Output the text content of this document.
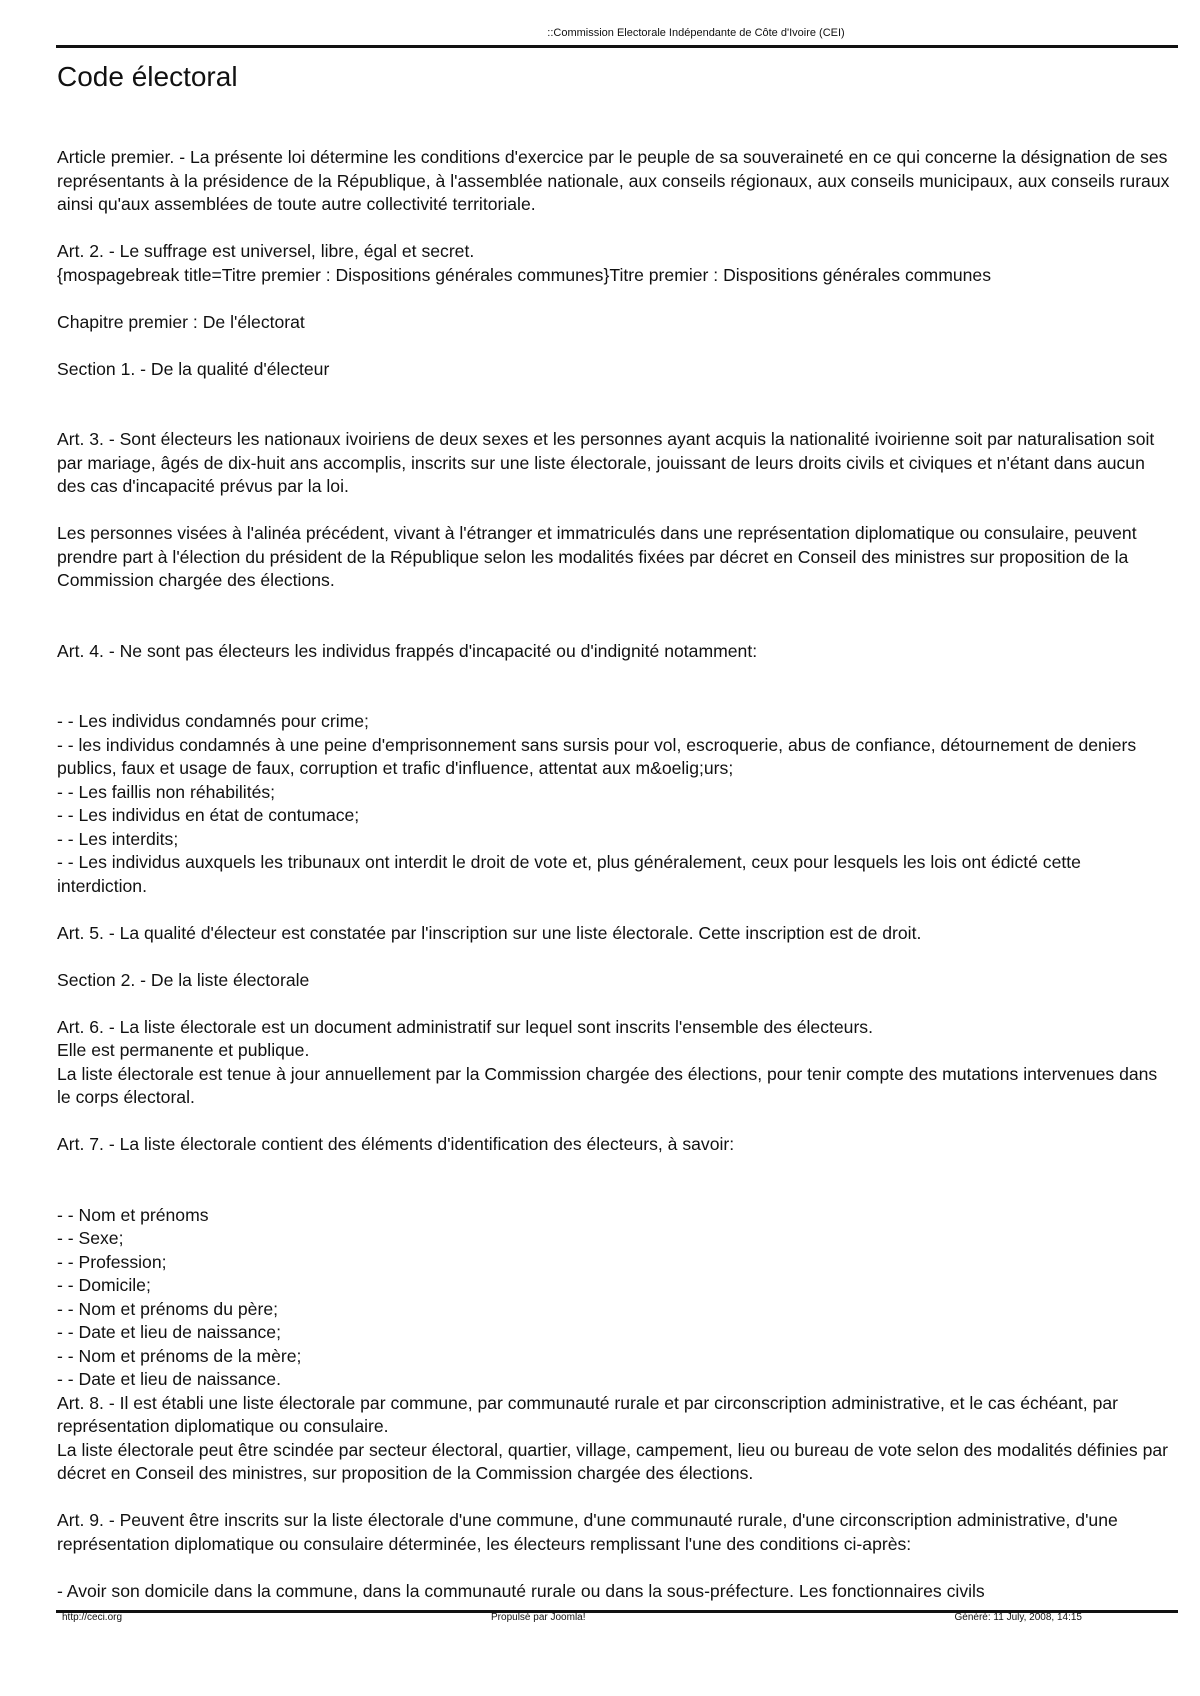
::Commission Electorale Indépendante de Côte d'Ivoire (CEI)
Code électoral

Article premier. - La présente loi détermine les conditions d'exercice par le peuple de sa souveraineté en ce qui concerne la désignation de ses représentants à la présidence de la République, à l'assemblée nationale, aux conseils régionaux, aux conseils municipaux, aux conseils ruraux ainsi qu'aux assemblées de toute autre collectivité territoriale.

Art. 2. - Le suffrage est universel, libre, égal et secret.
{mospagebreak title=Titre premier : Dispositions générales communes}Titre premier : Dispositions générales communes

Chapitre premier : De l'électorat

Section 1. - De la qualité d'électeur

Art. 3. - Sont électeurs les nationaux ivoiriens de deux sexes et les personnes ayant acquis la nationalité ivoirienne soit par naturalisation soit par mariage, âgés de dix-huit ans accomplis, inscrits sur une liste électorale, jouissant de leurs droits civils et civiques et n'étant dans aucun des cas d'incapacité prévus par la loi.

Les personnes visées à l'alinéa précédent, vivant à l'étranger et immatriculés dans une représentation diplomatique ou consulaire, peuvent prendre part à l'élection du président de la République selon les modalités fixées par décret en Conseil des ministres sur proposition de la Commission chargée des élections.

Art. 4. - Ne sont pas électeurs les individus frappés d'incapacité ou d'indignité notamment:

- - Les individus condamnés pour crime;
- - les individus condamnés à une peine d'emprisonnement sans sursis pour vol, escroquerie, abus de confiance, détournement de deniers publics, faux et usage de faux, corruption et trafic d'influence, attentat aux m&oelig;urs;
- - Les faillis non réhabilités;
- - Les individus en état de contumace;
- - Les interdits;
- - Les individus auxquels les tribunaux ont interdit le droit de vote et, plus généralement, ceux pour lesquels les lois ont édicté cette interdiction.

Art. 5. - La qualité d'électeur est constatée par l'inscription sur une liste électorale. Cette inscription est de droit.

Section 2. - De la liste électorale

Art. 6. - La liste électorale est un document administratif sur lequel sont inscrits l'ensemble des électeurs.
Elle est permanente et publique.
La liste électorale est tenue à jour annuellement par la Commission chargée des élections, pour tenir compte des mutations intervenues dans le corps électoral.

Art. 7. - La liste électorale contient des éléments d'identification des électeurs, à savoir:

- - Nom et prénoms
- - Sexe;
- - Profession;
- - Domicile;
- - Nom et prénoms du père;
- - Date et lieu de naissance;
- - Nom et prénoms de la mère;
- - Date et lieu de naissance.

Art. 8. - Il est établi une liste électorale par commune, par communauté rurale et par circonscription administrative, et le cas échéant, par représentation diplomatique ou consulaire.
La liste électorale peut être scindée par secteur électoral, quartier, village, campement, lieu ou bureau de vote selon des modalités définies par décret en Conseil des ministres, sur proposition de la Commission chargée des élections.

Art. 9. - Peuvent être inscrits sur la liste électorale d'une commune, d'une communauté rurale, d'une circonscription administrative, d'une représentation diplomatique ou consulaire déterminée, les électeurs remplissant l'une des conditions ci-après:

- Avoir son domicile dans la commune, dans la communauté rurale ou dans la sous-préfecture. Les fonctionnaires civils

http://ceci.org	Propulsé par Joomla!	Généré: 11 July, 2008, 14:15
